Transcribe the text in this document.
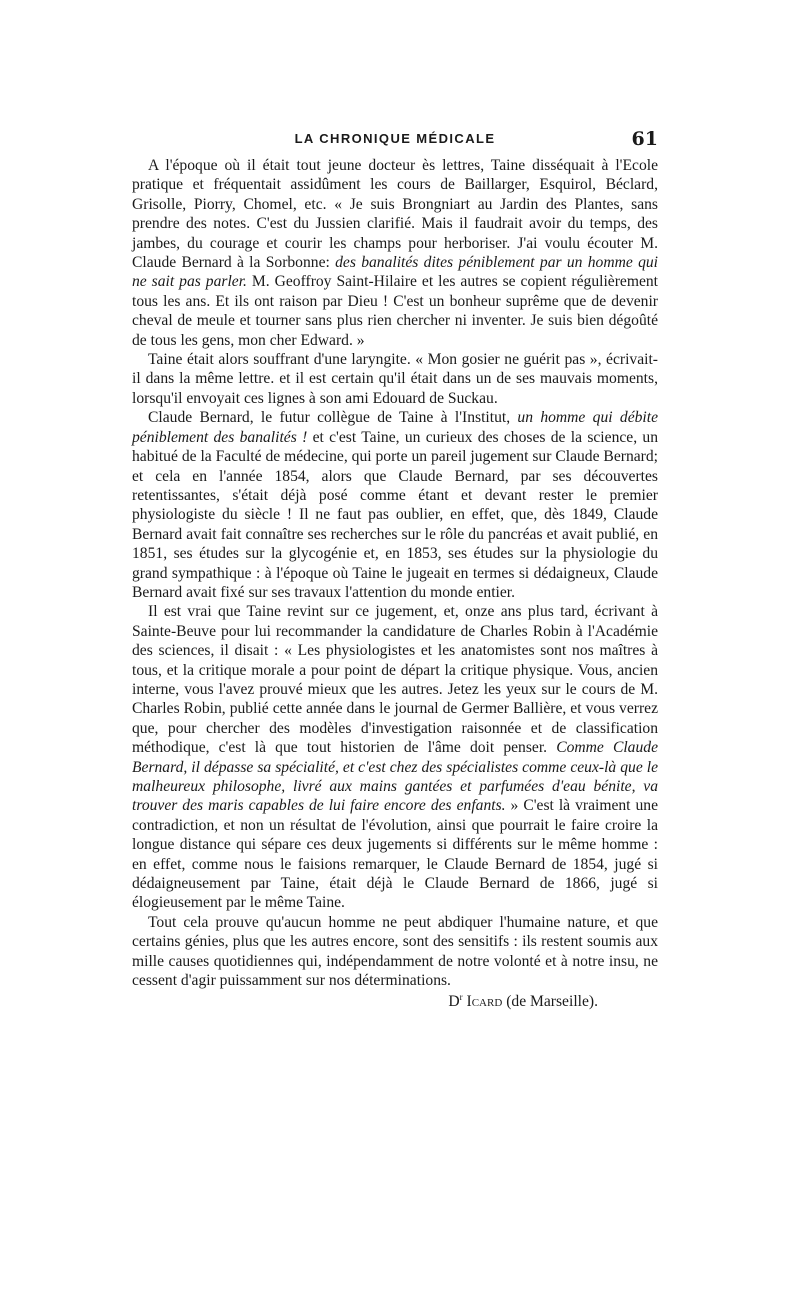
LA CHRONIQUE MÉDICALE	61

A l'époque où il était tout jeune docteur ès lettres, Taine disséquait à l'Ecole pratique et fréquentait assidûment les cours de Baillarger, Esquirol, Béclard, Grisolle, Piorry, Chomel, etc. « Je suis Brongniart au Jardin des Plantes, sans prendre des notes. C'est du Jussien clarifié. Mais il faudrait avoir du temps, des jambes, du courage et courir les champs pour herboriser. J'ai voulu écouter M. Claude Bernard à la Sorbonne: des banalités dites péniblement par un homme qui ne sait pas parler. M. Geoffroy Saint-Hilaire et les autres se copient régulièrement tous les ans. Et ils ont raison par Dieu ! C'est un bonheur suprême que de devenir cheval de meule et tourner sans plus rien chercher ni inventer. Je suis bien dégoûté de tous les gens, mon cher Edward. »

Taine était alors souffrant d'une laryngite. « Mon gosier ne guérit pas », écrivait-il dans la même lettre. et il est certain qu'il était dans un de ses mauvais moments, lorsqu'il envoyait ces lignes à son ami Edouard de Suckau.

Claude Bernard, le futur collègue de Taine à l'Institut, un homme qui débite péniblement des banalités ! et c'est Taine, un curieux des choses de la science, un habitué de la Faculté de médecine, qui porte un pareil jugement sur Claude Bernard; et cela en l'année 1854, alors que Claude Bernard, par ses découvertes retentissantes, s'était déjà posé comme étant et devant rester le premier physiologiste du siècle ! Il ne faut pas oublier, en effet, que, dès 1849, Claude Bernard avait fait connaître ses recherches sur le rôle du pancréas et avait publié, en 1851, ses études sur la glycogénie et, en 1853, ses études sur la physiologie du grand sympathique : à l'époque où Taine le jugeait en termes si dédaigneux, Claude Bernard avait fixé sur ses travaux l'attention du monde entier.

Il est vrai que Taine revint sur ce jugement, et, onze ans plus tard, écrivant à Sainte-Beuve pour lui recommander la candidature de Charles Robin à l'Académie des sciences, il disait : « Les physiologistes et les anatomistes sont nos maîtres à tous, et la critique morale a pour point de départ la critique physique. Vous, ancien interne, vous l'avez prouvé mieux que les autres. Jetez les yeux sur le cours de M. Charles Robin, publié cette année dans le journal de Germer Ballière, et vous verrez que, pour chercher des modèles d'investigation raisonnée et de classification méthodique, c'est là que tout historien de l'âme doit penser. Comme Claude Bernard, il dépasse sa spécialité, et c'est chez des spécialistes comme ceux-là que le malheureux philosophe, livré aux mains gantées et parfumées d'eau bénite, va trouver des maris capables de lui faire encore des enfants. » C'est là vraiment une contradiction, et non un résultat de l'évolution, ainsi que pourrait le faire croire la longue distance qui sépare ces deux jugements si différents sur le même homme : en effet, comme nous le faisions remarquer, le Claude Bernard de 1854, jugé si dédaigneusement par Taine, était déjà le Claude Bernard de 1866, jugé si élogieusement par le même Taine.

Tout cela prouve qu'aucun homme ne peut abdiquer l'humaine nature, et que certains génies, plus que les autres encore, sont des sensitifs : ils restent soumis aux mille causes quotidiennes qui, indépendamment de notre volonté et à notre insu, ne cessent d'agir puissamment sur nos déterminations.

$D^r$ Icard (de Marseille).
